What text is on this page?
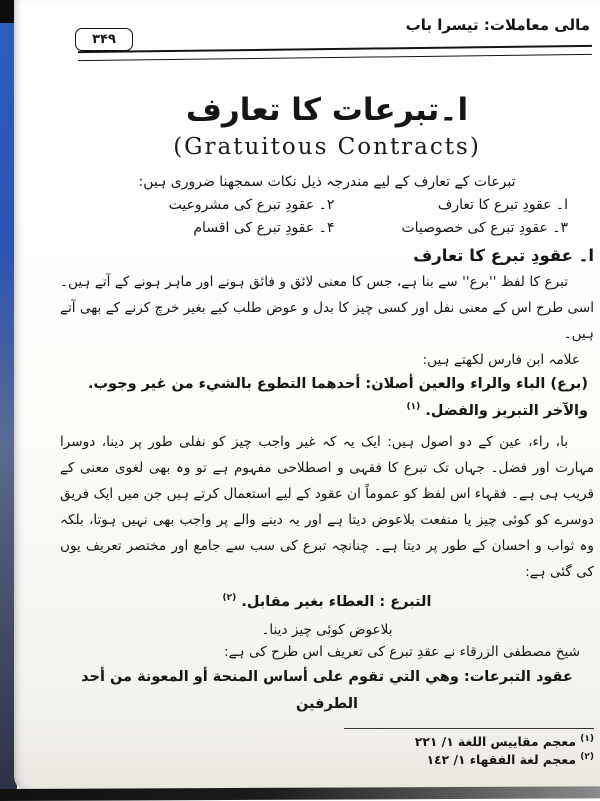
مالی معاملات: تیسرا باب
۳۴۹
ا۔تبرعات کا تعارف
(Gratuitous Contracts)
تبرعات کے تعارف کے لیے مندرجہ ذیل نکات سمجھنا ضروری ہیں:
ا۔ عقودِ تبرع کا تعارف
۲۔ عقودِ تبرع کی مشروعیت
۳۔ عقودِ تبرع کی خصوصیات
۴۔ عقودِ تبرع کی اقسام
ا۔ عقودِ تبرع کا تعارف

تبرع کا لفظ ''برع'' سے بنا ہے، جس کا معنی لائق و فائق ہونے اور ماہر ہونے کے آتے ہیں۔ اسی طرح اس کے معنی نفل اور کسی چیز کا بدل و عوض طلب کیے بغیر خرچ کرنے کے بھی آتے ہیں۔

علامہ ابن فارس لکھتے ہیں:

(برع) الباء والراء والعين أصلان: أحدهما التطوع بالشيء من غير وجوب. والآخر التبريز والفضل. $^{(١)}$

با، راء، عین کے دو اصول ہیں: ایک یہ کہ غیر واجب چیز کو نفلی طور پر دینا، دوسرا مہارت اور فضل۔ جہاں تک تبرع کا فقہی و اصطلاحی مفہوم ہے تو وہ بھی لغوی معنی کے قریب ہی ہے۔ فقہاء اس لفظ کو عموماً ان عقود کے لیے استعمال کرتے ہیں جن میں ایک فریق دوسرے کو کوئی چیز یا منفعت بلاعوض دیتا ہے اور یہ دینے والے پر واجب بھی نہیں ہوتا، بلکہ وہ ثواب و احسان کے طور پر دیتا ہے۔ چنانچہ تبرع کی سب سے جامع اور مختصر تعریف یوں کی گئی ہے:

التبرع : العطاء بغير مقابل. $^{(٢)}$

بلاعوض کوئی چیز دینا۔
شیخ مصطفی الزرقاء نے عقدِ تبرع کی تعریف اس طرح کی ہے:

عقود التبرعات: وهي التي تقوم على أساس المنحة أو المعونة من أحد الطرفين

$^{(١)}$ معجم مقاييس اللغة ١/ ٢٢١
$^{(٢)}$ معجم لغة الفقهاء ١/ ١٤٢
